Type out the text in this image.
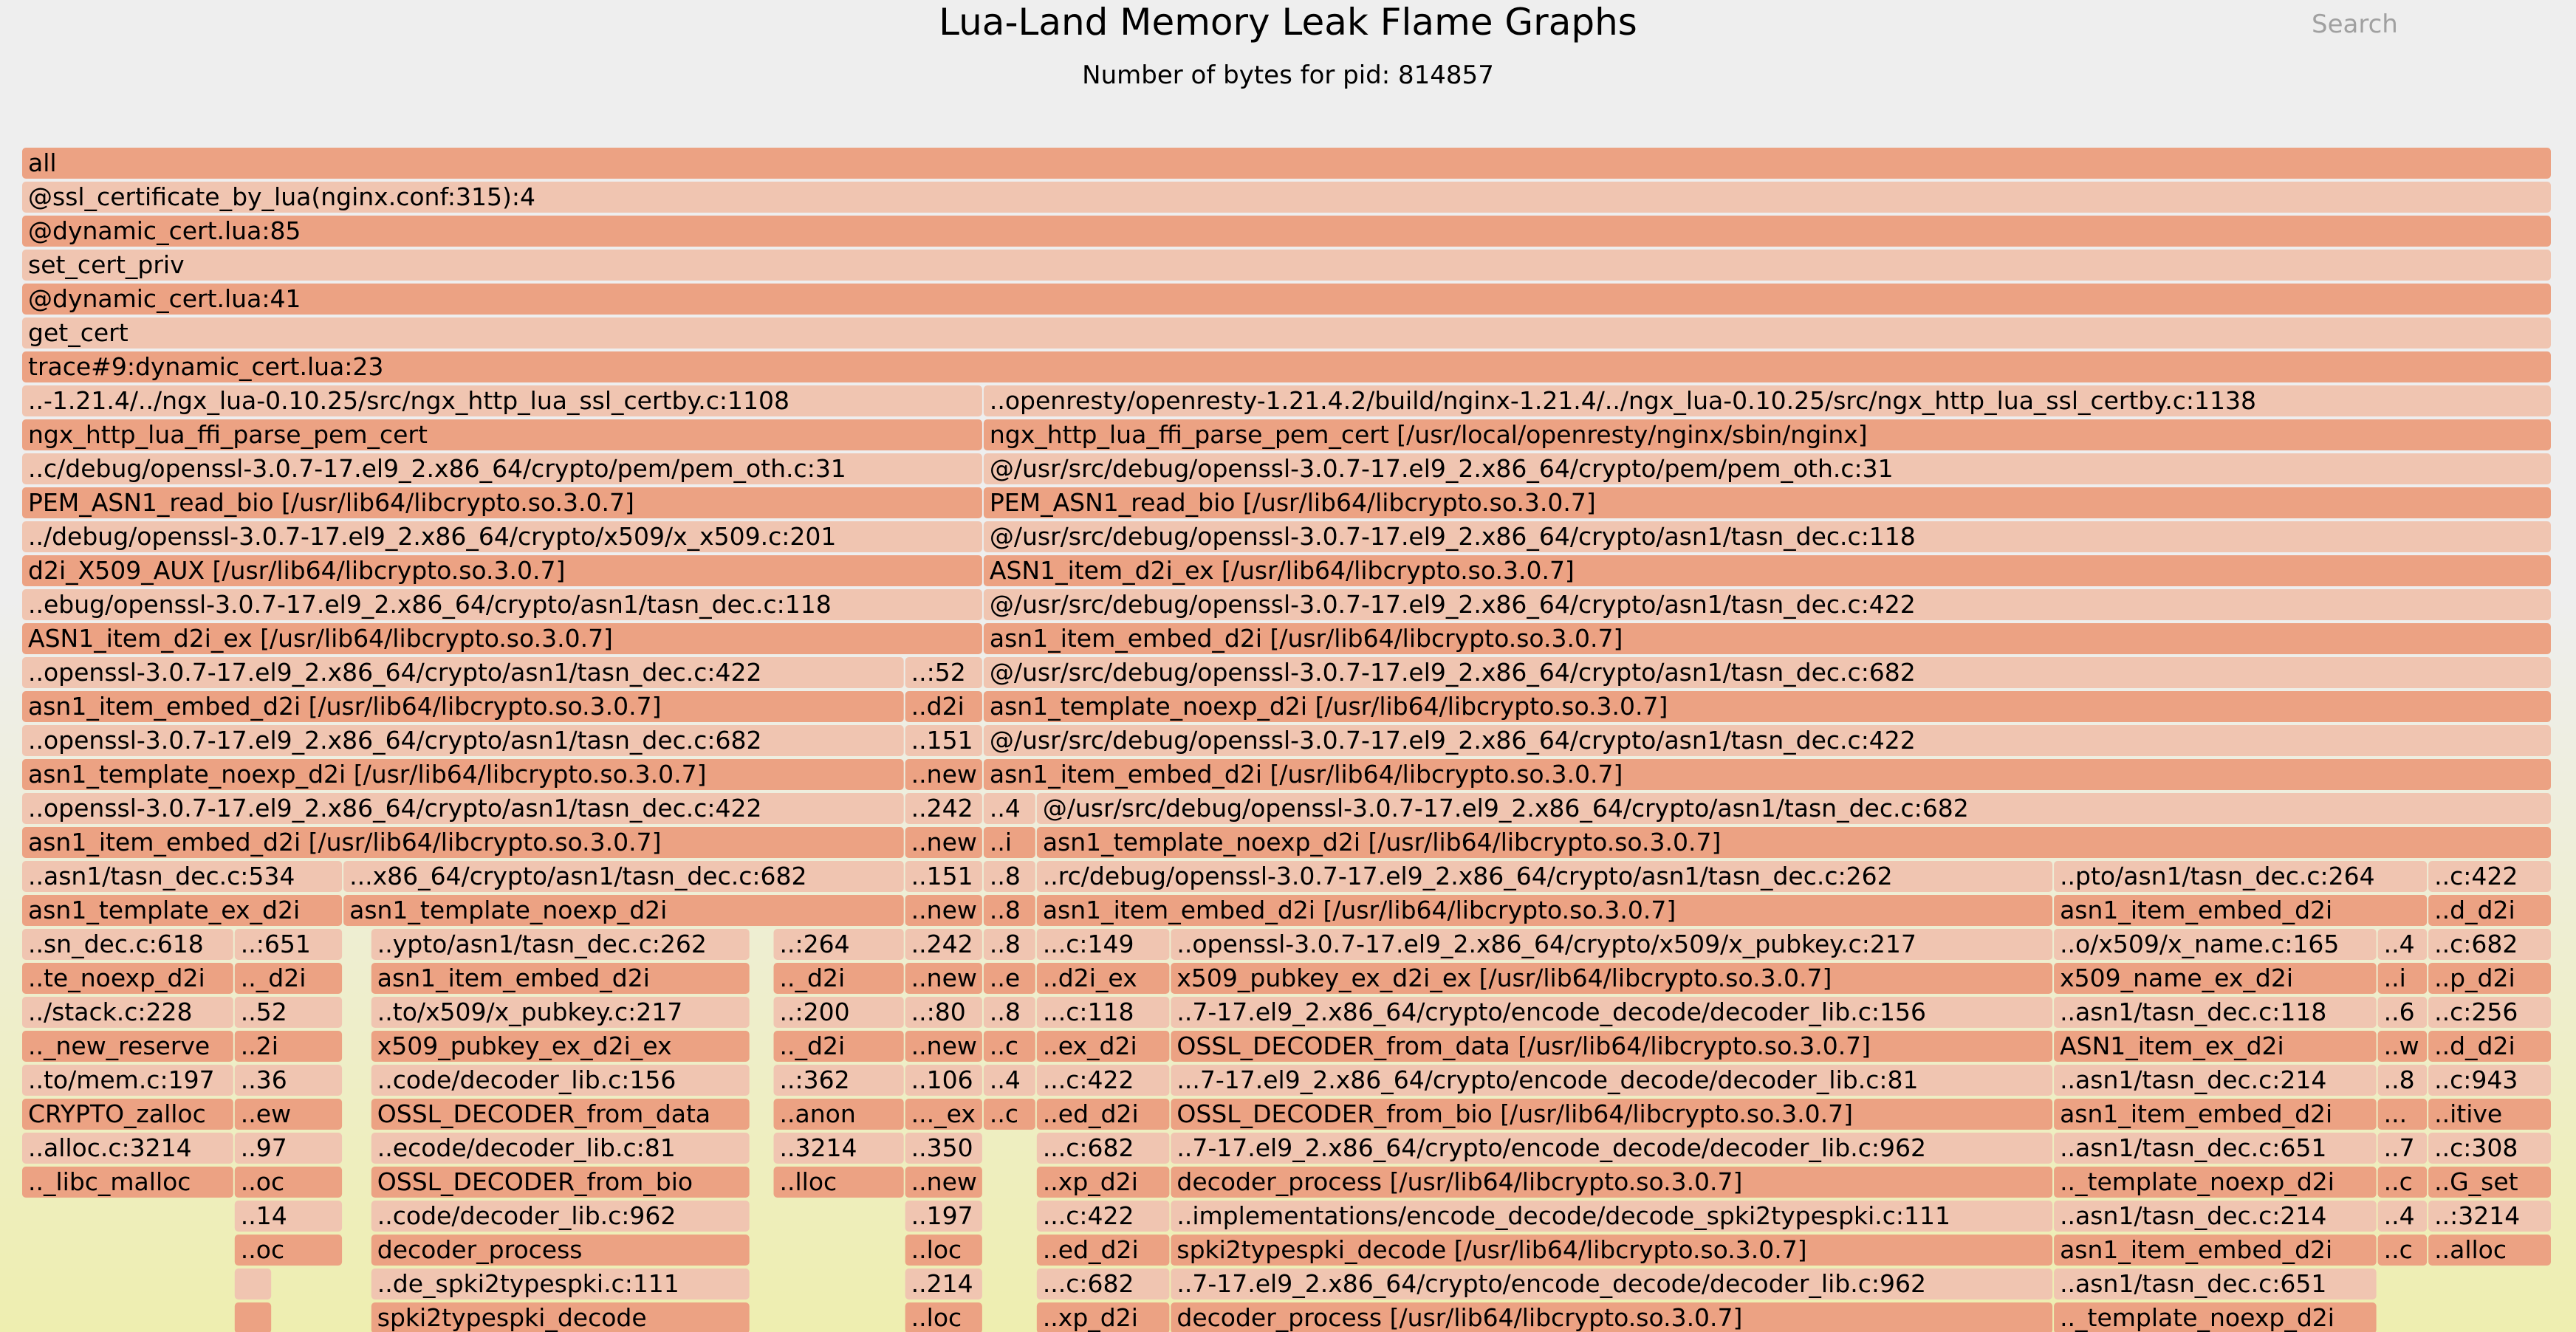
Lua-Land Memory Leak Flame Graphs
Number of bytes for pid: 814857
Search
all
@ssl_certificate_by_lua(nginx.conf:315):4
@dynamic_cert.lua:85
set_cert_priv
@dynamic_cert.lua:41
get_cert
trace#9:dynamic_cert.lua:23
..-1.21.4/../ngx_lua-0.10.25/src/ngx_http_lua_ssl_certby.c:1108
ngx_http_lua_ffi_parse_pem_cert
..c/debug/openssl-3.0.7-17.el9_2.x86_64/crypto/pem/pem_oth.c:31
PEM_ASN1_read_bio [/usr/lib64/libcrypto.so.3.0.7]
../debug/openssl-3.0.7-17.el9_2.x86_64/crypto/x509/x_x509.c:201
d2i_X509_AUX [/usr/lib64/libcrypto.so.3.0.7]
..ebug/openssl-3.0.7-17.el9_2.x86_64/crypto/asn1/tasn_dec.c:118
ASN1_item_d2i_ex [/usr/lib64/libcrypto.so.3.0.7]
..openssl-3.0.7-17.el9_2.x86_64/crypto/asn1/tasn_dec.c:422
asn1_item_embed_d2i [/usr/lib64/libcrypto.so.3.0.7]
..openssl-3.0.7-17.el9_2.x86_64/crypto/asn1/tasn_dec.c:682
asn1_template_noexp_d2i [/usr/lib64/libcrypto.so.3.0.7]
..openssl-3.0.7-17.el9_2.x86_64/crypto/asn1/tasn_dec.c:422
asn1_item_embed_d2i [/usr/lib64/libcrypto.so.3.0.7]
..asn1/tasn_dec.c:534
asn1_template_ex_d2i
..sn_dec.c:618
..te_noexp_d2i
../stack.c:228
.._new_reserve
..to/mem.c:197
CRYPTO_zalloc
..alloc.c:3214
.._libc_malloc
..:651
.._d2i
..52
..2i
..36
..ew
..97
..oc
..14
..oc
...x86_64/crypto/asn1/tasn_dec.c:682
asn1_template_noexp_d2i
..ypto/asn1/tasn_dec.c:262
asn1_item_embed_d2i
..to/x509/x_pubkey.c:217
x509_pubkey_ex_d2i_ex
..code/decoder_lib.c:156
OSSL_DECODER_from_data
..ecode/decoder_lib.c:81
OSSL_DECODER_from_bio
..code/decoder_lib.c:962
decoder_process
..de_spki2typespki.c:111
spki2typespki_decode
..:264
.._d2i
..:200
.._d2i
..:362
..anon
..3214
..lloc
..:52
..d2i
..151
..new
..242
..new
..151
..new
..242
..new
..:80
..new
..106
..._ex
..350
..new
..197
..loc
..214
..loc
..openresty/openresty-1.21.4.2/build/nginx-1.21.4/../ngx_lua-0.10.25/src/ngx_http_lua_ssl_certby.c:1138
ngx_http_lua_ffi_parse_pem_cert [/usr/local/openresty/nginx/sbin/nginx]
@/usr/src/debug/openssl-3.0.7-17.el9_2.x86_64/crypto/pem/pem_oth.c:31
PEM_ASN1_read_bio [/usr/lib64/libcrypto.so.3.0.7]
@/usr/src/debug/openssl-3.0.7-17.el9_2.x86_64/crypto/asn1/tasn_dec.c:118
ASN1_item_d2i_ex [/usr/lib64/libcrypto.so.3.0.7]
@/usr/src/debug/openssl-3.0.7-17.el9_2.x86_64/crypto/asn1/tasn_dec.c:422
asn1_item_embed_d2i [/usr/lib64/libcrypto.so.3.0.7]
@/usr/src/debug/openssl-3.0.7-17.el9_2.x86_64/crypto/asn1/tasn_dec.c:682
asn1_template_noexp_d2i [/usr/lib64/libcrypto.so.3.0.7]
@/usr/src/debug/openssl-3.0.7-17.el9_2.x86_64/crypto/asn1/tasn_dec.c:422
asn1_item_embed_d2i [/usr/lib64/libcrypto.so.3.0.7]
..4
..i
..8
..8
..8
..e
..8
..c
..4
..c
@/usr/src/debug/openssl-3.0.7-17.el9_2.x86_64/crypto/asn1/tasn_dec.c:682
asn1_template_noexp_d2i [/usr/lib64/libcrypto.so.3.0.7]
..rc/debug/openssl-3.0.7-17.el9_2.x86_64/crypto/asn1/tasn_dec.c:262
asn1_item_embed_d2i [/usr/lib64/libcrypto.so.3.0.7]
...c:149
..d2i_ex
...c:118
..ex_d2i
...c:422
..ed_d2i
...c:682
..xp_d2i
...c:422
..ed_d2i
...c:682
..xp_d2i
..openssl-3.0.7-17.el9_2.x86_64/crypto/x509/x_pubkey.c:217
x509_pubkey_ex_d2i_ex [/usr/lib64/libcrypto.so.3.0.7]
..7-17.el9_2.x86_64/crypto/encode_decode/decoder_lib.c:156
OSSL_DECODER_from_data [/usr/lib64/libcrypto.so.3.0.7]
...7-17.el9_2.x86_64/crypto/encode_decode/decoder_lib.c:81
OSSL_DECODER_from_bio [/usr/lib64/libcrypto.so.3.0.7]
..7-17.el9_2.x86_64/crypto/encode_decode/decoder_lib.c:962
decoder_process [/usr/lib64/libcrypto.so.3.0.7]
..implementations/encode_decode/decode_spki2typespki.c:111
spki2typespki_decode [/usr/lib64/libcrypto.so.3.0.7]
..7-17.el9_2.x86_64/crypto/encode_decode/decoder_lib.c:962
decoder_process [/usr/lib64/libcrypto.so.3.0.7]
..pto/asn1/tasn_dec.c:264
asn1_item_embed_d2i
..o/x509/x_name.c:165
x509_name_ex_d2i
..asn1/tasn_dec.c:118
ASN1_item_ex_d2i
..asn1/tasn_dec.c:214
asn1_item_embed_d2i
..asn1/tasn_dec.c:651
.._template_noexp_d2i
..asn1/tasn_dec.c:214
asn1_item_embed_d2i
..asn1/tasn_dec.c:651
.._template_noexp_d2i
..4
..i
..6
..w
..8
...
..7
..c
..4
..c
..c:422
..d_d2i
..c:682
..p_d2i
..c:256
..d_d2i
..c:943
..itive
..c:308
..G_set
..:3214
..alloc
